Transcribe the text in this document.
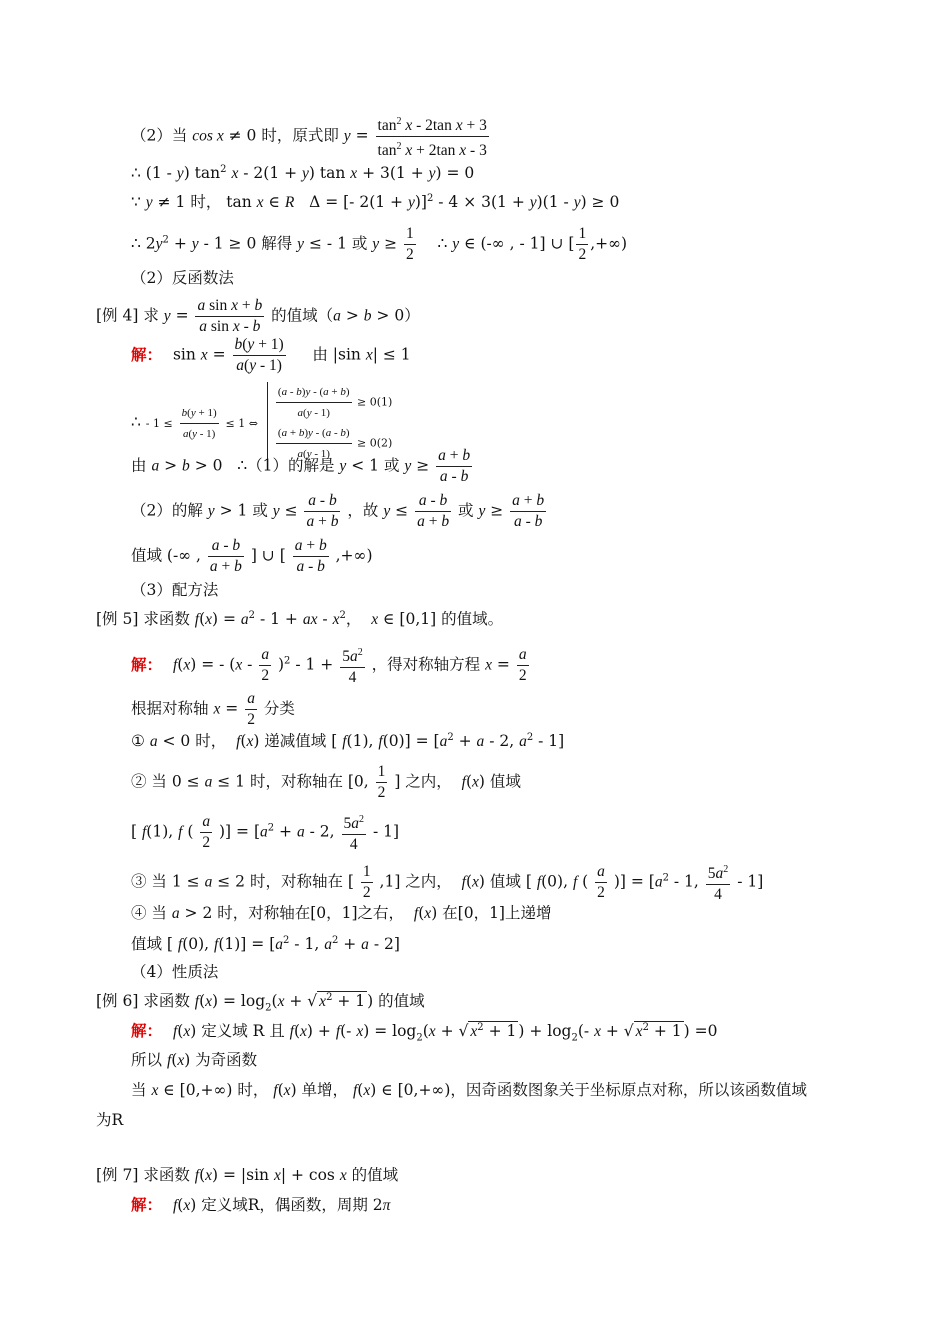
（2）当 cos x ≠ 0 时，原式即 $y = \frac{\tan^2 x - 2\tan x + 3}{\tan^2 x + 2\tan x - 3}$
∴ (1 - y) $\tan^2 x - 2(1 + y)$ tan x + 3(1 + y) = 0
∵ y ≠ 1 时， tan x ∈ R   Δ = [- 2(1 + y)]$^2$ - 4 × 3(1 + y)(1 - y) ≥ 0
∴ $2y^2 + y - 1 \ge 0$ 解得 y ≤ - 1 或 $y \ge \frac{1}{2}$ ∴ y ∈ (-∞ , - 1] ∪ [ $\frac{1}{2}$ ,+∞)
（2）反函数法
[例 4] 求 $y = \frac{\text{a sin x + b}}{\text{a sin x - b}}$ 的值域（a > b > 0）
解： $\sin x = \frac{b(y + 1)}{a(y - 1)}$ 由 |sin x| ≤ 1
∴ - $1 \le \frac{b(y + 1)}{a(y - 1)} \le 1$ ⇔
$\frac{(a - b)y - (a + b)}{a(y - 1)} \ge 0(1)$
$\frac{(a + b)y - (a - b)}{a(y - 1)} \ge 0(2)$
由 a > b > 0   ∴（1）的解是 y < 1 或 $y \ge \frac{a + b}{a - b}$
（2）的解 y > 1 或 $y \le \frac{a - b}{a + b}$ ，故 $y \le \frac{a - b}{a + b}$ 或 $y \ge \frac{a + b}{a - b}$
值域 (-∞ , $\frac{a - b}{a + b}$ ] ∪ [ $\frac{a + b}{a - b}$ ,+∞)
（3）配方法
[例 5] 求函数 $f(x) = a^2 - 1$ + ax - $x^2$，  x ∈ [0,1] 的值域。
解： f(x) = - $(x - \frac{a}{2} )^2 - 1 + \frac{5a^2}{4}$ ，得对称轴方程 $x = \frac{a}{2}$
根据对称轴 $x = \frac{a}{2}$ 分类
① a < 0 时，  f(x) 递减值域 [ f(1), $f(0)] = [a^2 + a - 2$, $a^2 - 1$]
② 当 0 ≤ a ≤ 1 时，对称轴在 [0, $\frac{1}{2}$ ] 之内，  f(x) 值域
[ f(1), f ( $\frac{a}{2}$ )] = [$a^2 + a - 2$, $\frac{5a^2}{4} - 1$]
③ 当 1 ≤ a ≤ 2 时，对称轴在 [ $\frac{1}{2} ,1$] 之内，  f(x) 值域 [ f(0), f ( $\frac{a}{2}$ )] = [$a^2 - 1$, $\frac{5a^2}{4} - 1$]
④ 当 a > 2 时，对称轴在[0，1]之右，  f(x) 在[0，1]上递增
值域 [ f(0), $f(1)] = [a^2 - 1$, $a^2 + a - 2$]
（4）性质法
[例 6] 求函数 $f(x) = \log_2(x$ + √ $x^2 + 1$ ) 的值域
解： f(x) 定义域 R 且 f(x) + f(- $x) = \log_2(x$ + √ $x^2 + 1$ ) + $\log_2(-$ x + √ $x^2 + 1$ ) =0
所以 f(x) 为奇函数
当 x ∈ [0,+∞) 时， f(x) 单增， f(x) ∈ [0,+∞)，因奇函数图象关于坐标原点对称，所以该函数值域
为R
[例 7] 求函数 f(x) = |sin x| + cos x 的值域
解： f(x) 定义域R，偶函数，周期 2π
